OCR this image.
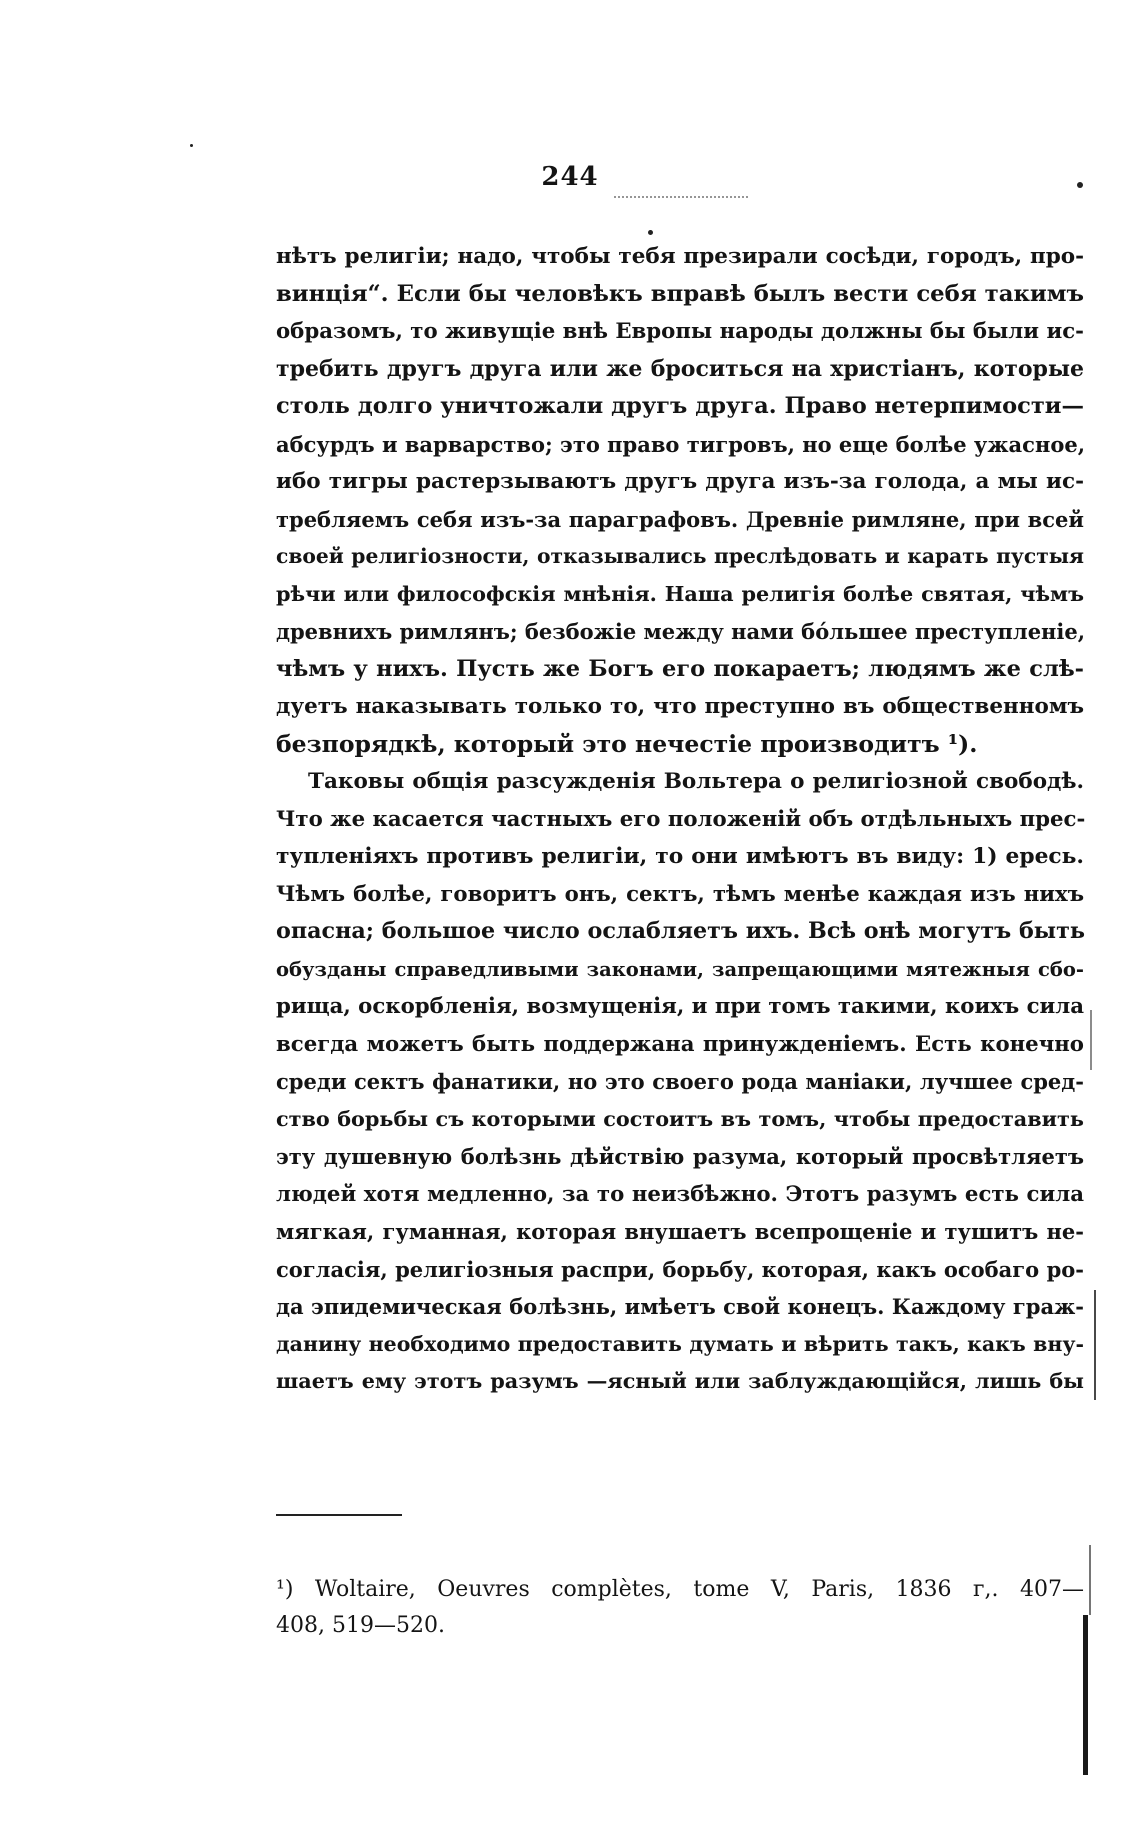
244
нѣтъ религіи; надо, чтобы тебя презирали сосѣди, городъ, про-
винція“. Если бы человѣкъ вправѣ былъ вести себя такимъ
образомъ, то живущіе внѣ Европы народы должны бы были ис-
требить другъ друга или же броситься на христіанъ, которые
столь долго уничтожали другъ друга. Право нетерпимости—
абсурдъ и варварство; это право тигровъ, но еще болѣе ужасное,
ибо тигры растерзываютъ другъ друга изъ-за голода, а мы ис-
требляемъ себя изъ-за параграфовъ. Древніе римляне, при всей
своей религіозности, отказывались преслѣдовать и карать пустыя
рѣчи или философскія мнѣнія. Наша религія болѣе святая, чѣмъ
древнихъ римлянъ; безбожіе между нами бóльшее преступленіе,
чѣмъ у нихъ. Пусть же Богъ его покараетъ; людямъ же слѣ-
дуетъ наказывать только то, что преступно въ общественномъ
безпорядкѣ, который это нечестіе производитъ ¹).
Таковы общія разсужденія Вольтера о религіозной свободѣ.
Что же касается частныхъ его положеній объ отдѣльныхъ прес-
тупленіяхъ противъ религіи, то они имѣютъ въ виду: 1) ересь.
Чѣмъ болѣе, говоритъ онъ, сектъ, тѣмъ менѣе каждая изъ нихъ
опасна; большое число ослабляетъ ихъ. Всѣ онѣ могутъ быть
обузданы справедливыми законами, запрещающими мятежныя сбо-
рища, оскорбленія, возмущенія, и при томъ такими, коихъ сила
всегда можетъ быть поддержана принужденіемъ. Есть конечно
среди сектъ фанатики, но это своего рода маніаки, лучшее сред-
ство борьбы съ которыми состоитъ въ томъ, чтобы предоставить
эту душевную болѣзнь дѣйствію разума, который просвѣтляетъ
людей хотя медленно, за то неизбѣжно. Этотъ разумъ есть сила
мягкая, гуманная, которая внушаетъ всепрощеніе и тушитъ не-
согласія, религіозныя распри, борьбу, которая, какъ особаго ро-
да эпидемическая болѣзнь, имѣетъ свой конецъ. Каждому граж-
данину необходимо предоставить думать и вѣрить такъ, какъ вну-
шаетъ ему этотъ разумъ —ясный или заблуждающійся, лишь бы
¹) Woltaire, Oeuvres complètes, tome V, Paris, 1836 г,. 407—
408, 519—520.
